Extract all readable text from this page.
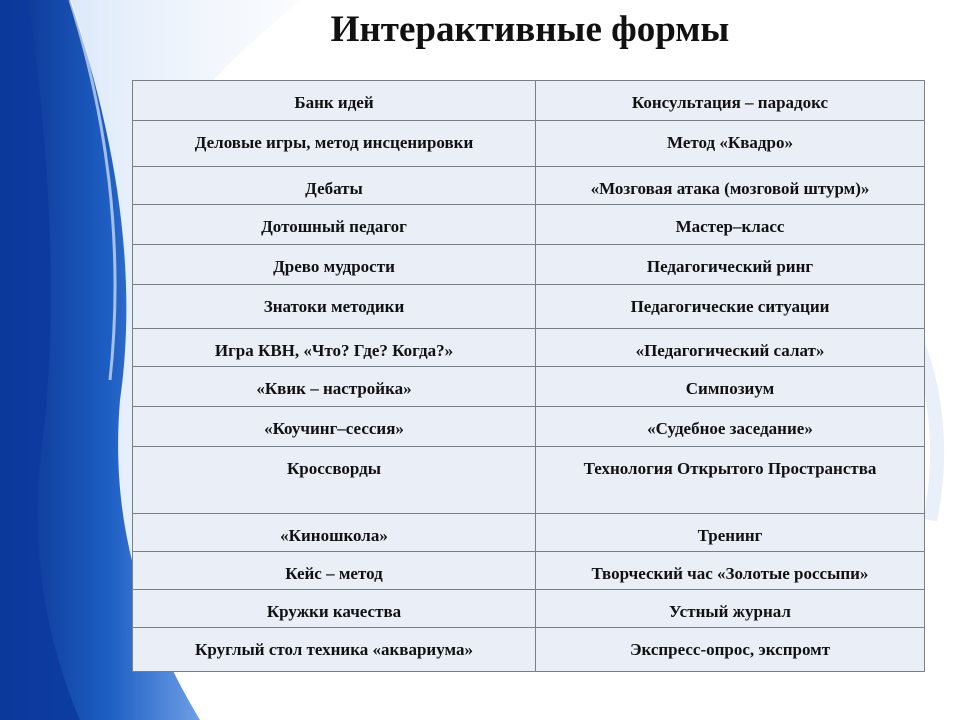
Интерактивные формы
Банк идей	Консультация – парадокс
Деловые игры, метод инсценировки	Метод «Квадро»
Дебаты	«Мозговая атака (мозговой штурм)»
Дотошный педагог	Мастер–класс
Древо мудрости	Педагогический ринг
Знатоки методики	Педагогические ситуации
Игра КВН, «Что? Где? Когда?»	«Педагогический салат»
«Квик – настройка»	Симпозиум
«Коучинг–сессия»	«Судебное заседание»
Кроссворды	Технология Открытого Пространства
«Киношкола»	Тренинг
Кейс – метод	Творческий час «Золотые россыпи»
Кружки качества	Устный журнал
Круглый стол техника «аквариума»	Экспресс-опрос, экспромт
